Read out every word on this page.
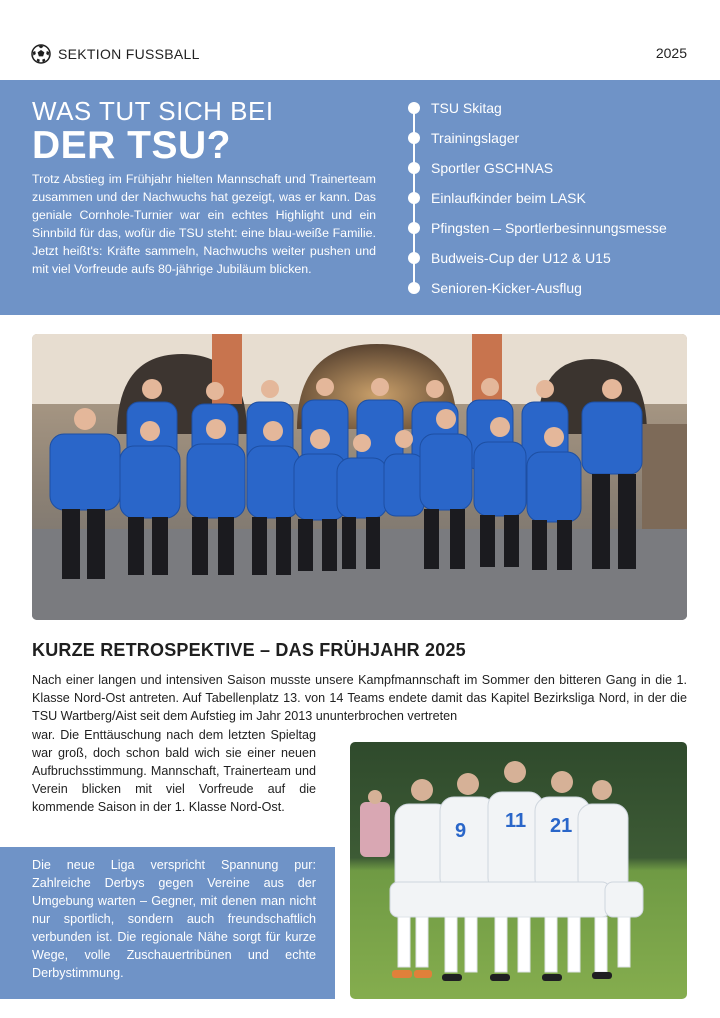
SEKTION FUSSBALL	2025
WAS TUT SICH BEI
DER TSU?

Trotz Abstieg im Frühjahr hielten Mannschaft und Trainerteam zusammen und der Nachwuchs hat gezeigt, was er kann. Das geniale Cornhole-Turnier war ein echtes Highlight und ein Sinnbild für das, wofür die TSU steht: eine blau-weiße Familie. Jetzt heißt's: Kräfte sammeln, Nachwuchs weiter pushen und mit viel Vorfreude aufs 80-jährige Jubiläum blicken.

TSU Skitag
Trainingslager
Sportler GSCHNAS
Einlaufkinder beim LASK
Pfingsten – Sportlerbesinnungsmesse
Budweis-Cup der U12 & U15
Senioren-Kicker-Ausflug
KURZE RETROSPEKTIVE – DAS FRÜHJAHR 2025

Nach einer langen und intensiven Saison musste unsere Kampfmannschaft im Sommer den bitteren Gang in die 1. Klasse Nord-Ost antreten. Auf Tabellenplatz 13. von 14 Teams endete damit das Kapitel Bezirksliga Nord, in der die TSU Wartberg/Aist seit dem Aufstieg im Jahr 2013 ununterbrochen vertreten

war. Die Enttäuschung nach dem letzten Spieltag war groß, doch schon bald wich sie einer neuen Aufbruchsstimmung. Mannschaft, Trainerteam und Verein blicken mit viel Vorfreude auf die kommende Saison in der 1. Klasse Nord-Ost.

Die neue Liga verspricht Spannung pur: Zahlreiche Derbys gegen Vereine aus der Umgebung warten – Gegner, mit denen man nicht nur sportlich, sondern auch freundschaftlich verbunden ist. Die regionale Nähe sorgt für kurze Wege, volle Zuschauertribünen und echte Derbystimmung.

9 11 21
